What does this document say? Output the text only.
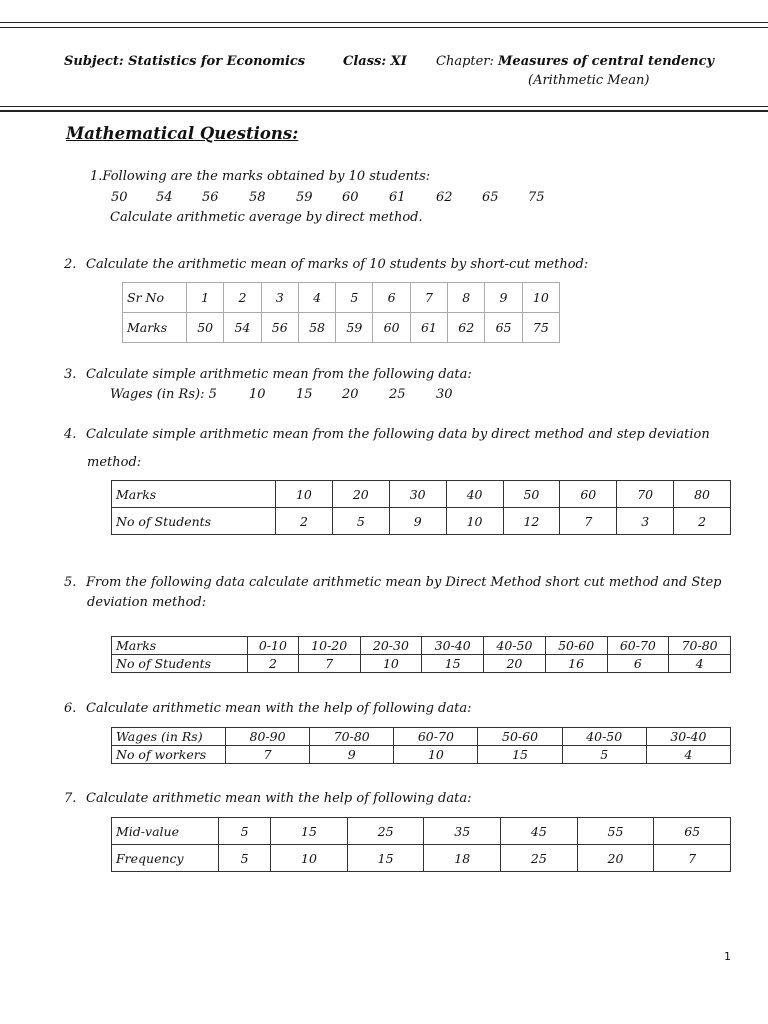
Subject: Statistics for Economics	Class: XI Chapter: Measures of central tendency
(Arithmetic Mean)
Mathematical Questions:
1.Following are the marks obtained by 10 students:
50 54 56 58 59 60 61 62 65 75
Calculate arithmetic average by direct method.
2. Calculate the arithmetic mean of marks of 10 students by short-cut method:
Sr No	1	2	3	4	5	6	7	8	9	10
Marks	50	54	56	58	59	60	61	62	65	75
3. Calculate simple arithmetic mean from the following data:
Wages (in Rs): 5 10 15 20 25 30
4. Calculate simple arithmetic mean from the following data by direct method and step deviation
method:
Marks	10	20	30	40	50	60	70	80
No of Students	2	5	9	10	12	7	3	2
5. From the following data calculate arithmetic mean by Direct Method short cut method and Step
deviation method:
Marks	0-10	10-20	20-30	30-40	40-50	50-60	60-70	70-80
No of Students	2	7	10	15	20	16	6	4
6. Calculate arithmetic mean with the help of following data:
Wages (in Rs)	80-90	70-80	60-70	50-60	40-50	30-40
No of workers	7	9	10	15	5	4
7. Calculate arithmetic mean with the help of following data:
Mid-value	5	15	25	35	45	55	65
Frequency	5	10	15	18	25	20	7
1
